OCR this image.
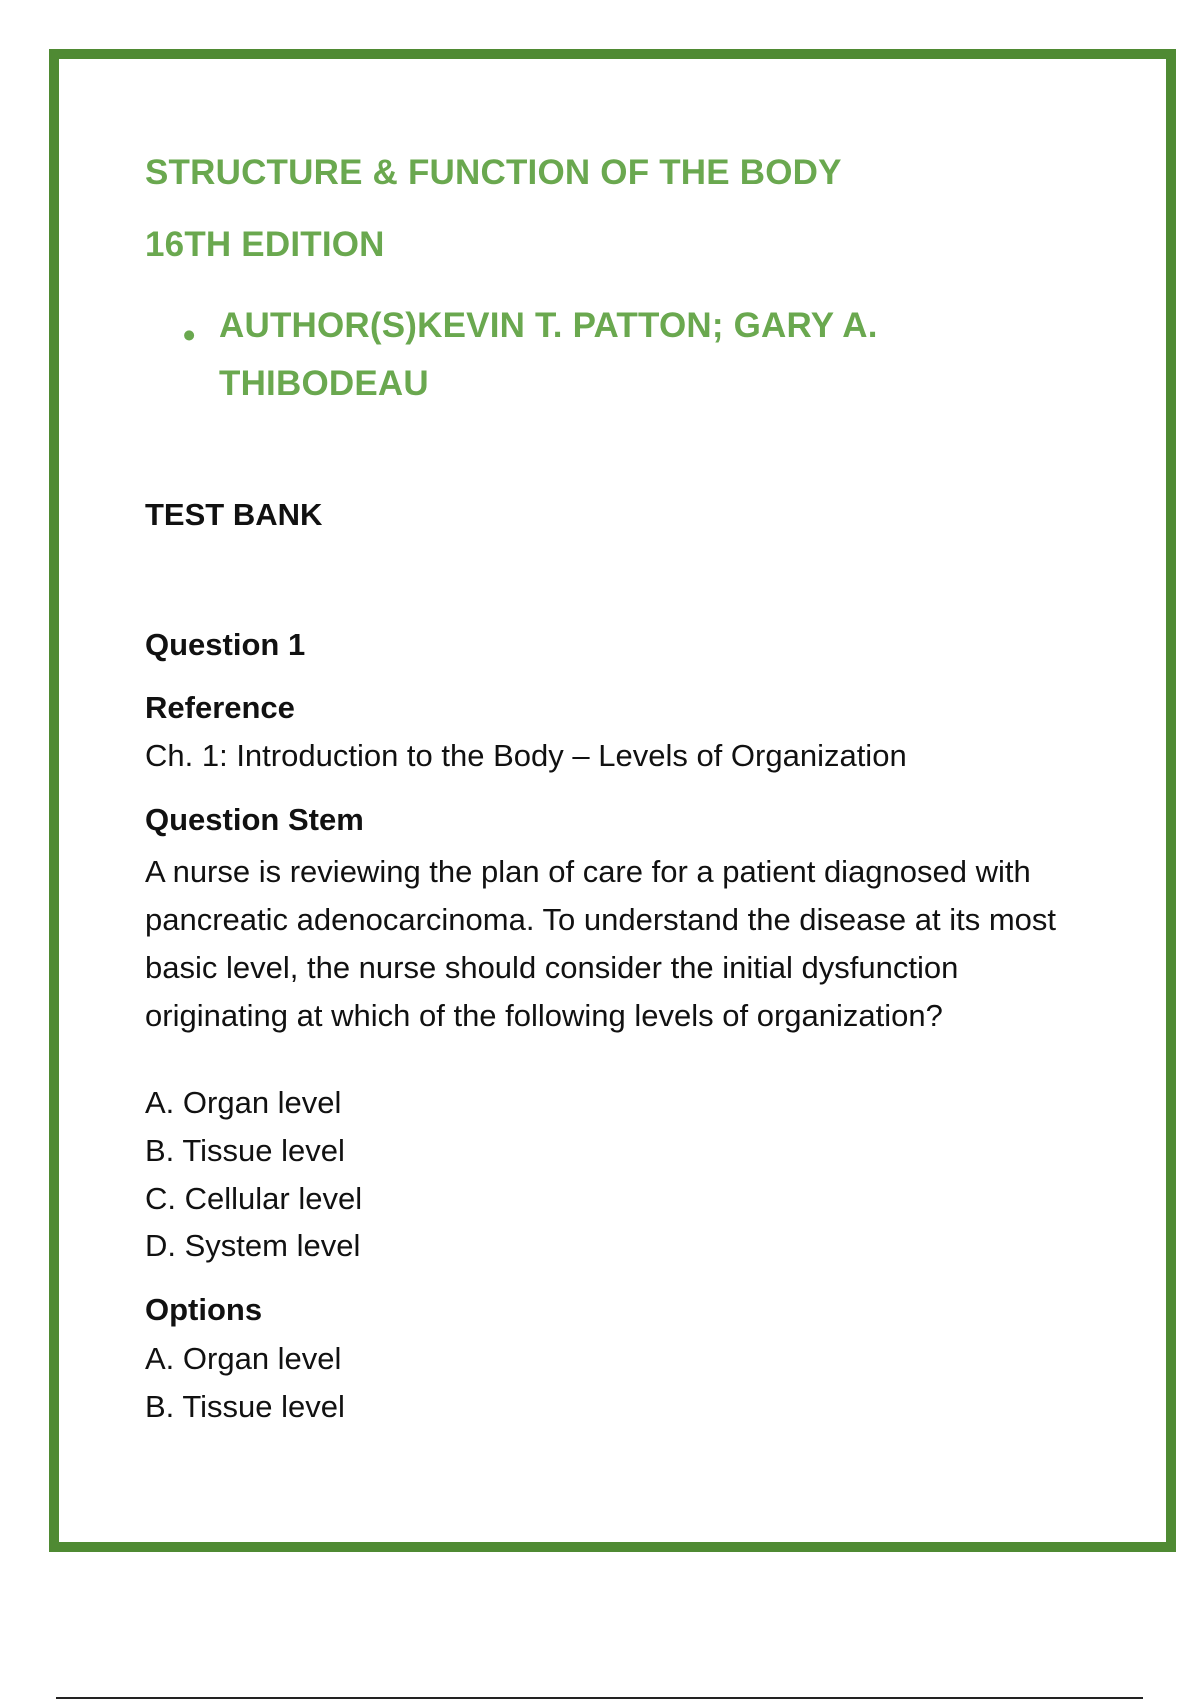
STRUCTURE & FUNCTION OF THE BODY
16TH EDITION
• AUTHOR(S)KEVIN T. PATTON; GARY A. THIBODEAU
TEST BANK
Question 1
Reference
Ch. 1: Introduction to the Body – Levels of Organization
Question Stem
A nurse is reviewing the plan of care for a patient diagnosed with pancreatic adenocarcinoma. To understand the disease at its most basic level, the nurse should consider the initial dysfunction originating at which of the following levels of organization?
A. Organ level
B. Tissue level
C. Cellular level
D. System level
Options
A. Organ level
B. Tissue level
